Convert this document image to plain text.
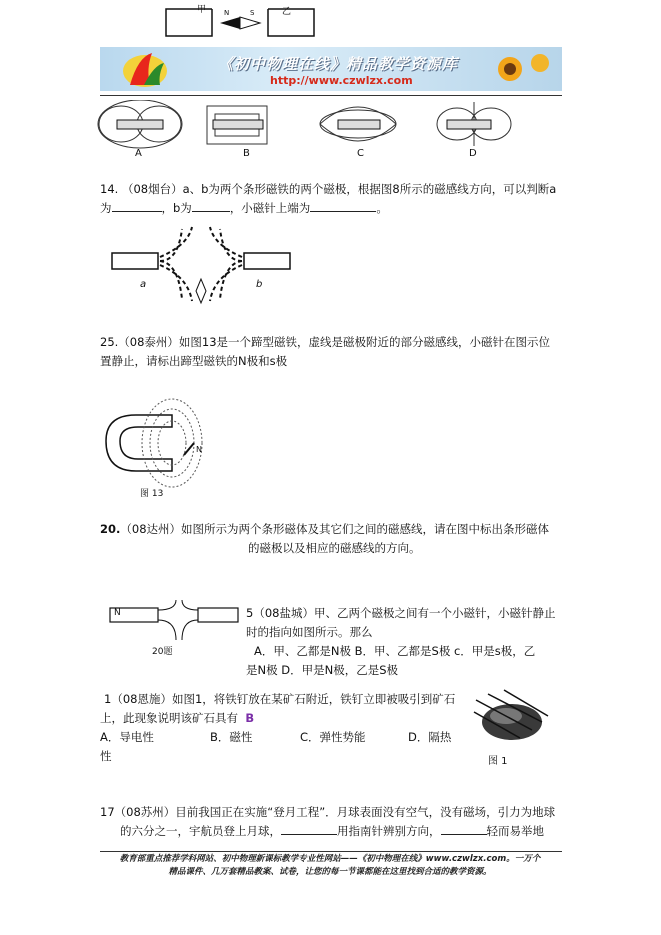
甲	乙
N	S
《初中物理在线》精品教学资源库
http://www.czwlzx.com
A	B	C	D
14. （08烟台）a、b为两个条形磁铁的两个磁极，根据图8所示的磁感线方向，可以判断a
为	，b为	，小磁针上端为	。
a	b
25.（08泰州）如图13是一个蹄型磁铁，虚线是磁极附近的部分磁感线，小磁针在图示位
置静止，请标出蹄型磁铁的N极和s极
N
图 13
20.（08达州）如图所示为两个条形磁体及其它们之间的磁感线，请在图中标出条形磁体
的磁极以及相应的磁感线的方向。
N
20题
5（08盐城）甲、乙两个磁极之间有一个小磁针，小磁针静止
时的指向如图所示。那么
A．甲、乙都是N极 B．甲、乙都是S极 c．甲是s极，乙
是N极 D．甲是N极，乙是S极
1（08恩施）如图1，将铁钉放在某矿石附近，铁钉立即被吸引到矿石
上，此现象说明该矿石具有 B
A．导电性	B．磁性	C．弹性势能	D．隔热
性	图 1
17（08苏州）目前我国正在实施“登月工程”．月球表面没有空气，没有磁场，引力为地球
的六分之一，宇航员登上月球，	用指南针辨别方向，	轻而易举地
教育部重点推荐学科网站、初中物理新课标教学专业性网站——《初中物理在线》www.czwlzx.com。一万个
精品课件、几万套精品教案、试卷，让您的每一节课都能在这里找到合适的教学资源。
